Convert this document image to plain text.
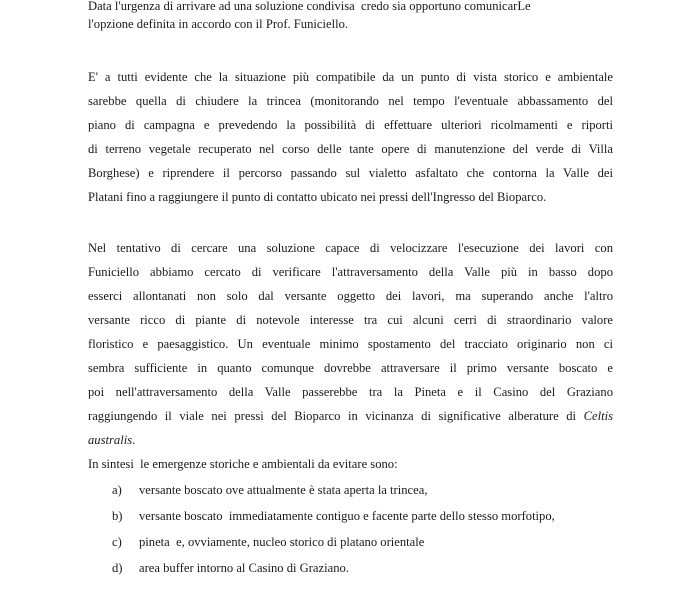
Data l'urgenza di arrivare ad una soluzione condivisa  credo sia opportuno comunicarLe
l'opzione definita in accordo con il Prof. Funiciello.
E' a tutti evidente che la situazione più compatibile da un punto di vista storico e ambientale
sarebbe quella di chiudere la trincea (monitorando nel tempo l'eventuale abbassamento del
piano di campagna e prevedendo la possibilità di effettuare ulteriori ricolmamenti e riporti
di terreno vegetale recuperato nel corso delle tante opere di manutenzione del verde di Villa
Borghese) e riprendere il percorso passando sul vialetto asfaltato che contorna la Valle dei
Platani fino a raggiungere il punto di contatto ubicato nei pressi dell'Ingresso del Bioparco.
Nel tentativo di cercare una soluzione capace di velocizzare l'esecuzione dei lavori con
Funiciello abbiamo cercato di verificare l'attraversamento della Valle più in basso dopo
esserci allontanati non solo dal versante oggetto dei lavori, ma superando anche l'altro
versante ricco di piante di notevole interesse tra cui alcuni cerri di straordinario valore
floristico e paesaggistico. Un eventuale minimo spostamento del tracciato originario non ci
sembra sufficiente in quanto comunque dovrebbe attraversare il primo versante boscato e
poi nell'attraversamento della Valle passerebbe tra la Pineta e il Casino del Graziano
raggiungendo il viale nei pressi del Bioparco in vicinanza di significative alberature di Celtis
australis.
In sintesi  le emergenze storiche e ambientali da evitare sono:
a) versante boscato ove attualmente è stata aperta la trincea,
b) versante boscato  immediatamente contiguo e facente parte dello stesso morfotipo,
c) pineta  e, ovviamente, nucleo storico di platano orientale
d) area buffer intorno al Casino di Graziano.
